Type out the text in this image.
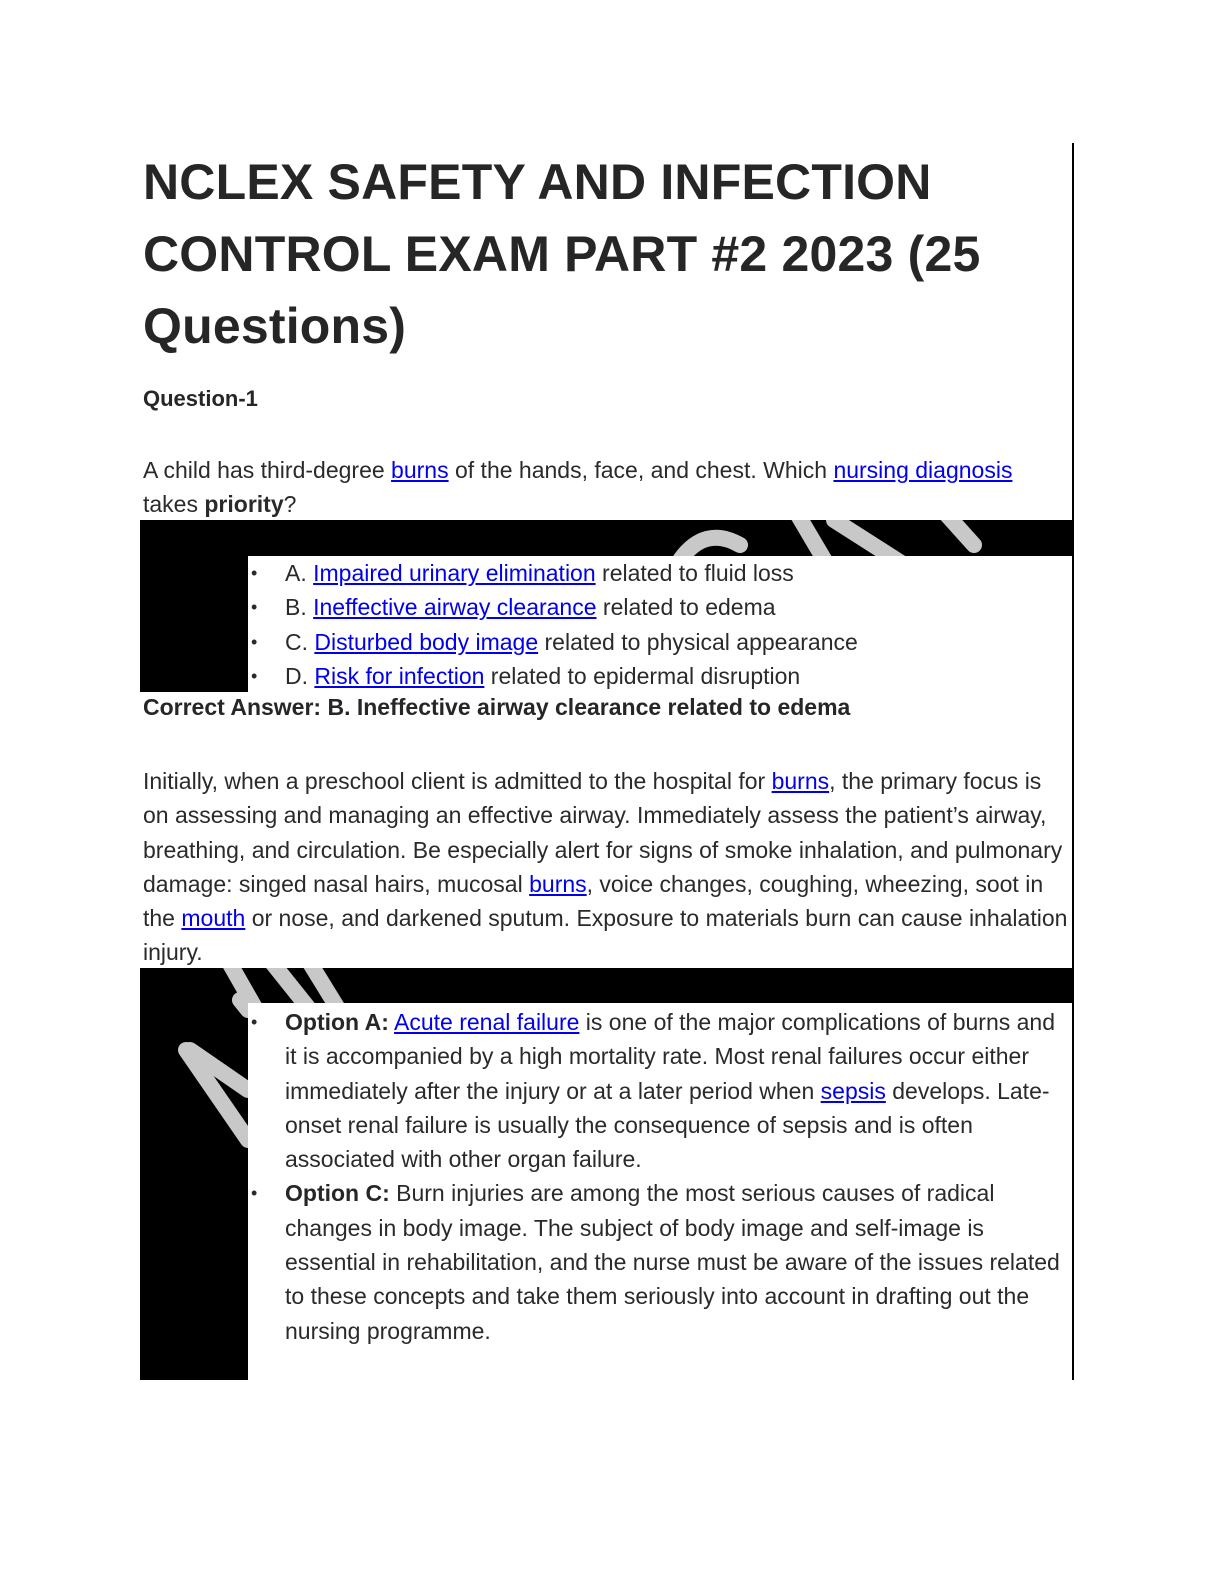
NCLEX SAFETY AND INFECTION CONTROL EXAM PART #2 2023 (25 Questions)
Question-1

A child has third-degree burns of the hands, face, and chest. Which nursing diagnosis takes priority?

• A. Impaired urinary elimination related to fluid loss
• B. Ineffective airway clearance related to edema
• C. Disturbed body image related to physical appearance
• D. Risk for infection related to epidermal disruption

Correct Answer: B. Ineffective airway clearance related to edema

Initially, when a preschool client is admitted to the hospital for burns, the primary focus is on assessing and managing an effective airway. Immediately assess the patient’s airway, breathing, and circulation. Be especially alert for signs of smoke inhalation, and pulmonary damage: singed nasal hairs, mucosal burns, voice changes, coughing, wheezing, soot in the mouth or nose, and darkened sputum. Exposure to materials burn can cause inhalation injury.

• Option A: Acute renal failure is one of the major complications of burns and it is accompanied by a high mortality rate. Most renal failures occur either immediately after the injury or at a later period when sepsis develops. Late-onset renal failure is usually the consequence of sepsis and is often associated with other organ failure.
• Option C: Burn injuries are among the most serious causes of radical changes in body image. The subject of body image and self-image is essential in rehabilitation, and the nurse must be aware of the issues related to these concepts and take them seriously into account in drafting out the nursing programme.
